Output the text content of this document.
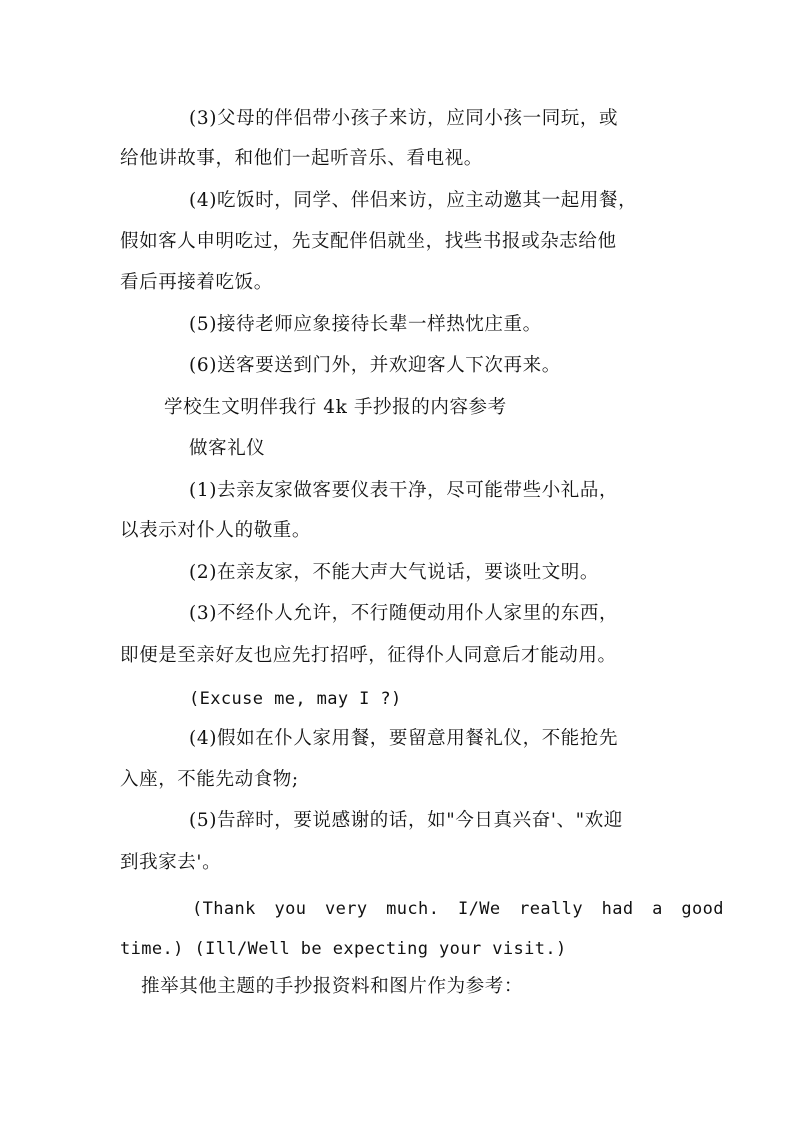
(3)父母的伴侣带小孩子来访，应同小孩一同玩，或
给他讲故事，和他们一起听音乐、看电视。
(4)吃饭时，同学、伴侣来访，应主动邀其一起用餐，
假如客人申明吃过，先支配伴侣就坐，找些书报或杂志给他
看后再接着吃饭。
(5)接待老师应象接待长辈一样热忱庄重。
(6)送客要送到门外，并欢迎客人下次再来。
学校生文明伴我行 4k 手抄报的内容参考
做客礼仪
(1)去亲友家做客要仪表干净，尽可能带些小礼品，
以表示对仆人的敬重。
(2)在亲友家，不能大声大气说话，要谈吐文明。
(3)不经仆人允许，不行随便动用仆人家里的东西，
即便是至亲好友也应先打招呼，征得仆人同意后才能动用。
(Excuse me, may I ?)
(4)假如在仆人家用餐，要留意用餐礼仪，不能抢先
入座，不能先动食物;
(5)告辞时，要说感谢的话，如"今日真兴奋'、"欢迎
到我家去'。
(Thank you very much. I/We really had a good
time.) (Ill/Well be expecting your visit.)
推举其他主题的手抄报资料和图片作为参考：
